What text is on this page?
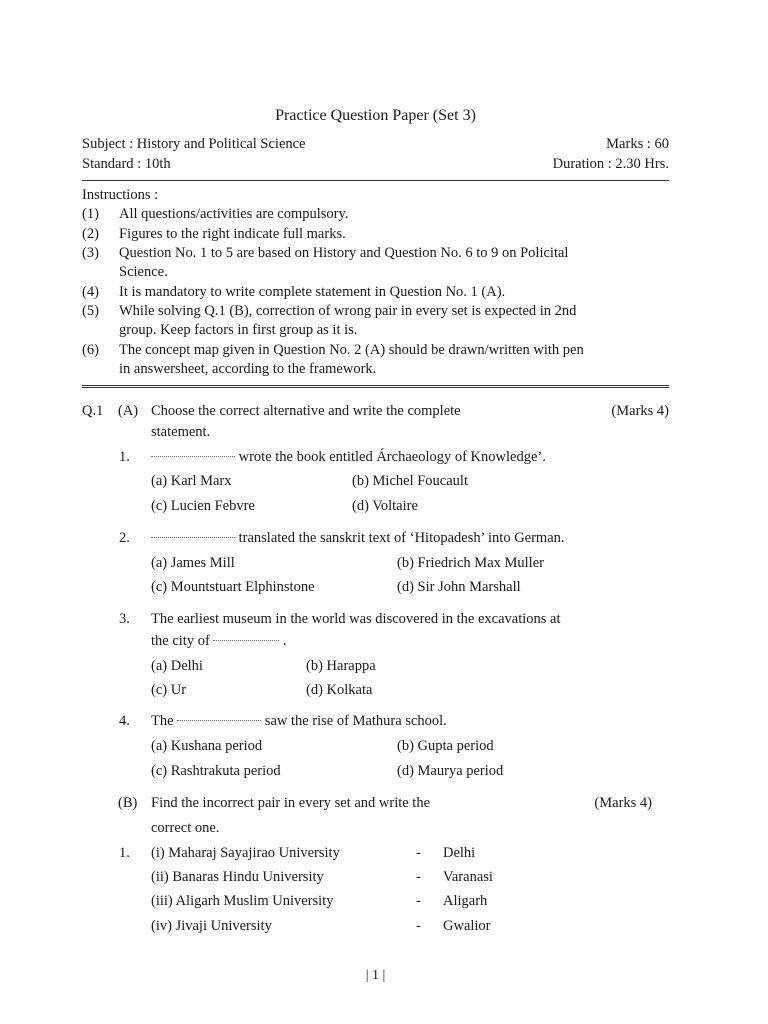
Practice Question Paper (Set 3)
Subject : History and Political Science	Marks : 60
Standard : 10th	Duration : 2.30 Hrs.
Instructions :
(1) All questions/activities are compulsory.
(2) Figures to the right indicate full marks.
(3) Question No. 1 to 5 are based on History and Question No. 6 to 9 on Policital
Science.
(4) It is mandatory to write complete statement in Question No. 1 (A).
(5) While solving Q.1 (B), correction of wrong pair in every set is expected in 2nd
group. Keep factors in first group as it is.
(6) The concept map given in Question No. 2 (A) should be drawn/written with pen
in answersheet, according to the framework.
Q.1 (A) Choose the correct alternative and write the complete	(Marks 4)
statement.
1.	wrote the book entitled Árchaeology of Knowledge’.
(a) Karl Marx	(b) Michel Foucault
(c) Lucien Febvre	(d) Voltaire
2.	translated the sanskrit text of ‘Hitopadesh’ into German.
(a) James Mill	(b) Friedrich Max Muller
(c) Mountstuart Elphinstone	(d) Sir John Marshall
3. The earliest museum in the world was discovered in the excavations at
the city of	.
(a) Delhi	(b) Harappa
(c) Ur	(d) Kolkata
4. The	saw the rise of Mathura school.
(a) Kushana period	(b) Gupta period
(c) Rashtrakuta period	(d) Maurya period
(B) Find the incorrect pair in every set and write the	(Marks 4)
correct one.
1. (i) Maharaj Sayajirao University	- Delhi
(ii) Banaras Hindu University	- Varanasi
(iii) Aligarh Muslim University	- Aligarh
(iv) Jivaji University	- Gwalior
| 1 |
